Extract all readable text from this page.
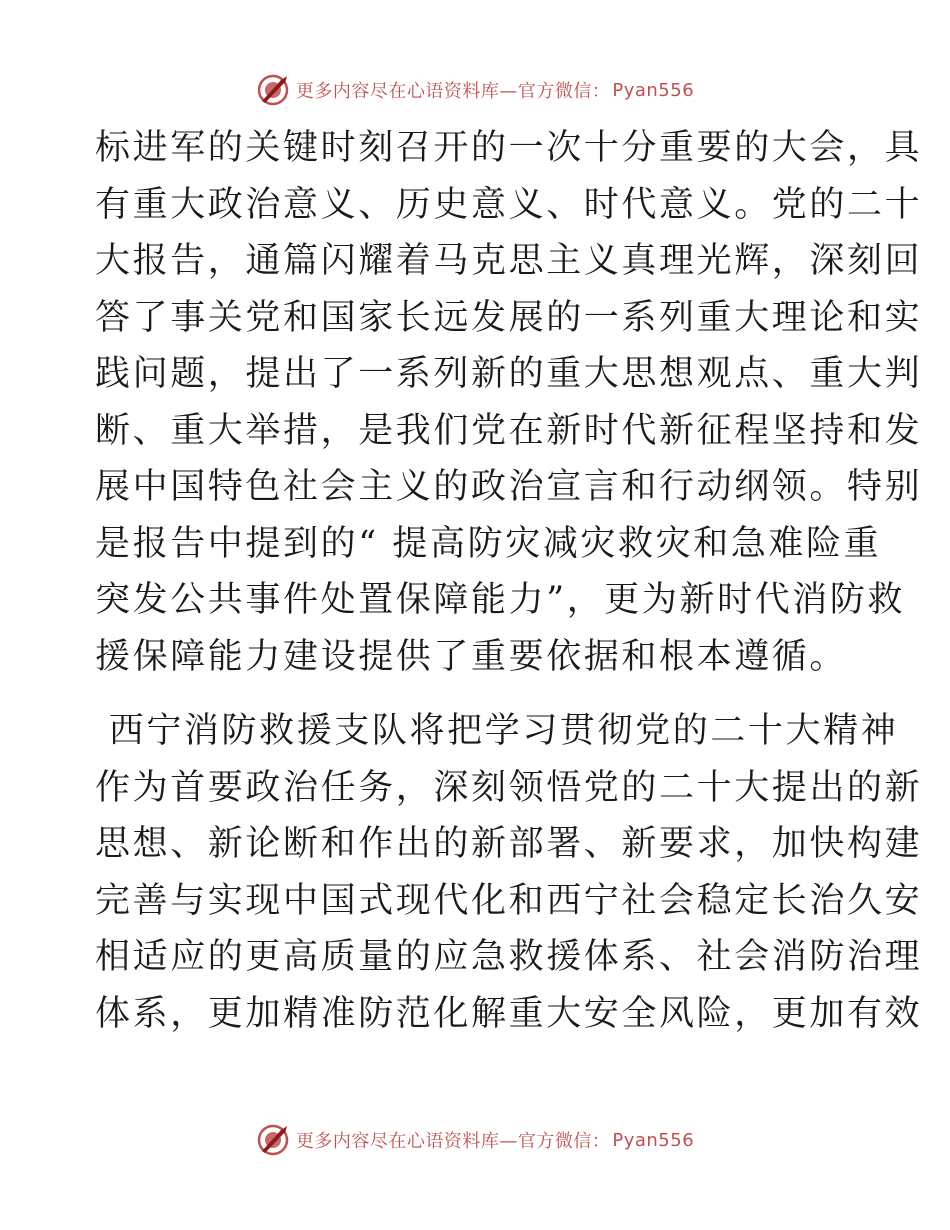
更多内容尽在心语资料库—官方微信： Pyan556

标进军的关键时刻召开的一次十分重要的大会，具
有重大政治意义、历史意义、时代意义。党的二十
大报告，通篇闪耀着马克思主义真理光辉，深刻回
答了事关党和国家长远发展的一系列重大理论和实
践问题，提出了一系列新的重大思想观点、重大判
断、重大举措，是我们党在新时代新征程坚持和发
展中国特色社会主义的政治宣言和行动纲领。特别
是报告中提到的“ 提高防灾减灾救灾和急难险重
突发公共事件处置保障能力”，更为新时代消防救
援保障能力建设提供了重要依据和根本遵循。

西宁消防救援支队将把学习贯彻党的二十大精神
作为首要政治任务，深刻领悟党的二十大提出的新
思想、新论断和作出的新部署、新要求，加快构建
完善与实现中国式现代化和西宁社会稳定长治久安
相适应的更高质量的应急救援体系、社会消防治理
体系，更加精准防范化解重大安全风险，更加有效

更多内容尽在心语资料库—官方微信： Pyan556
